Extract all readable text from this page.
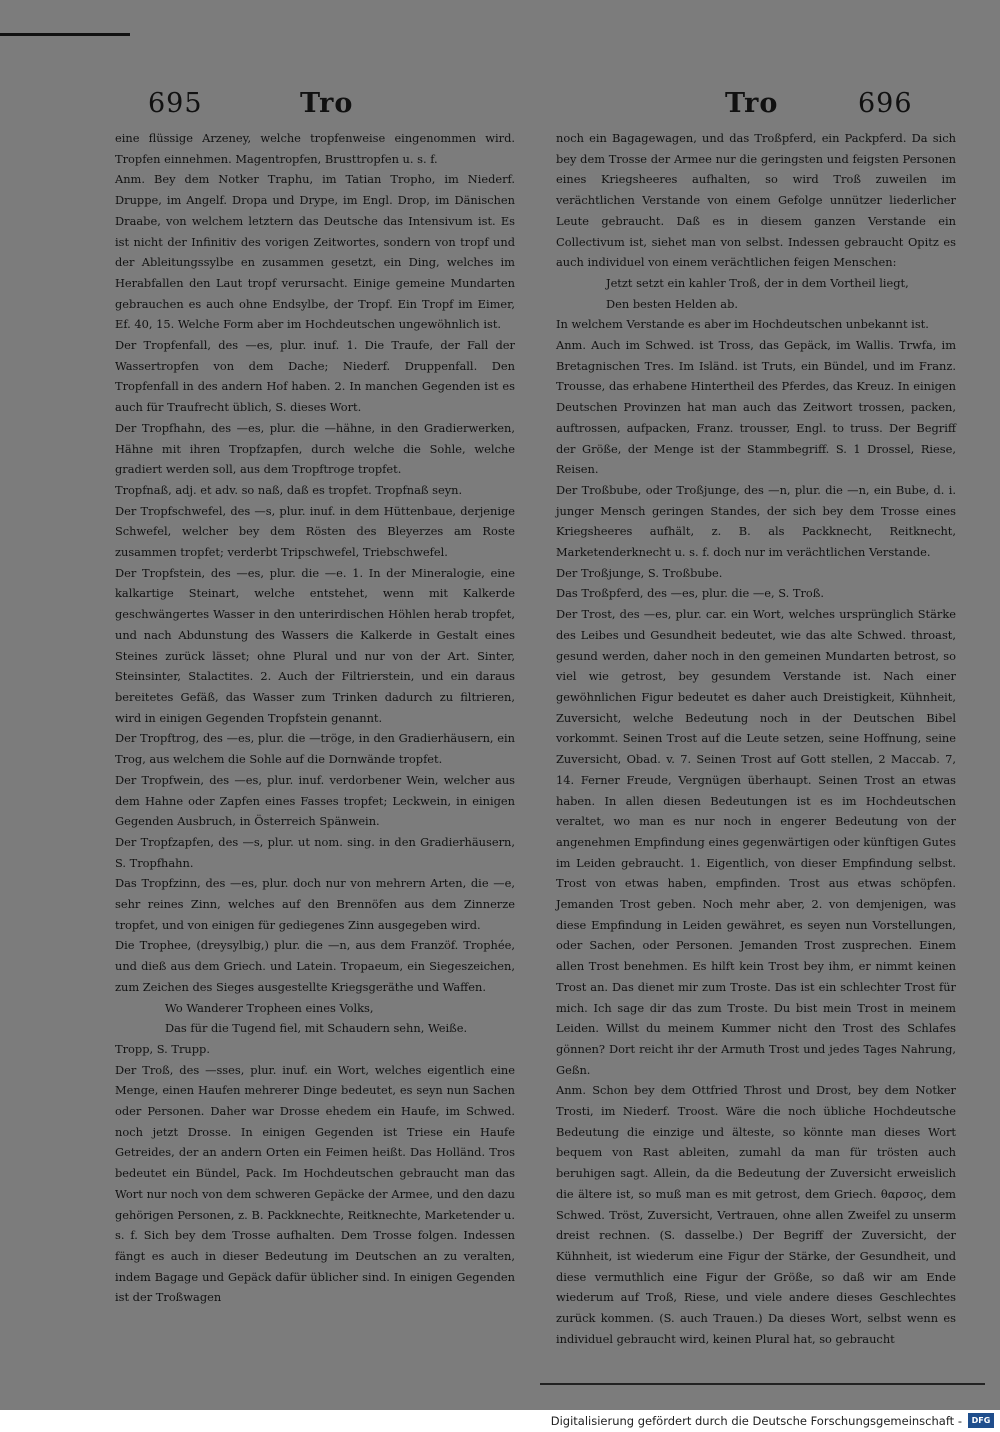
695	Tro	Tro	696
eine flüssige Arzeney, welche tropfenweise eingenommen wird. Tropfen einnehmen. Magentropfen, Brusttropfen u. s. f.
Anm. Bey dem Notker Traphu, im Tatian Tropho, im Niederf. Druppe, im Angelf. Dropa und Drype, im Engl. Drop, im Dänischen Draabe, von welchem letztern das Deutsche das Intensivum ist. Es ist nicht der Infinitiv des vorigen Zeitwortes, sondern von tropf und der Ableitungssylbe en zusammen gesetzt, ein Ding, welches im Herabfallen den Laut tropf verursacht. Einige gemeine Mundarten gebrauchen es auch ohne Endsylbe, der Tropf. Ein Tropf im Eimer, Ef. 40, 15. Welche Form aber im Hochdeutschen ungewöhnlich ist.
Der Tropfenfall, des —es, plur. inuf. 1. Die Traufe, der Fall der Wassertropfen von dem Dache; Niederf. Druppenfall. Den Tropfenfall in des andern Hof haben. 2. In manchen Gegenden ist es auch für Traufrecht üblich, S. dieses Wort.
Der Tropfhahn, des —es, plur. die —hähne, in den Gradierwerken, Hähne mit ihren Tropfzapfen, durch welche die Sohle, welche gradiert werden soll, aus dem Tropftroge tropfet.
Tropfnaß, adj. et adv. so naß, daß es tropfet. Tropfnaß seyn.
Der Tropfschwefel, des —s, plur. inuf. in dem Hüttenbaue, derjenige Schwefel, welcher bey dem Rösten des Bleyerzes am Roste zusammen tropfet; verderbt Tripschwefel, Triebschwefel.
Der Tropfstein, des —es, plur. die —e. 1. In der Mineralogie, eine kalkartige Steinart, welche entstehet, wenn mit Kalkerde geschwängertes Wasser in den unterirdischen Höhlen herab tropfet, und nach Abdunstung des Wassers die Kalkerde in Gestalt eines Steines zurück lässet; ohne Plural und nur von der Art. Sinter, Steinsinter, Stalactites. 2. Auch der Filtrierstein, und ein daraus bereitetes Gefäß, das Wasser zum Trinken dadurch zu filtrieren, wird in einigen Gegenden Tropfstein genannt.
Der Tropftrog, des —es, plur. die —tröge, in den Gradierhäusern, ein Trog, aus welchem die Sohle auf die Dornwände tropfet.
Der Tropfwein, des —es, plur. inuf. verdorbener Wein, welcher aus dem Hahne oder Zapfen eines Fasses tropfet; Leckwein, in einigen Gegenden Ausbruch, in Österreich Spänwein.
Der Tropfzapfen, des —s, plur. ut nom. sing. in den Gradierhäusern, S. Tropfhahn.
Das Tropfzinn, des —es, plur. doch nur von mehrern Arten, die —e, sehr reines Zinn, welches auf den Brennöfen aus dem Zinnerze tropfet, und von einigen für gediegenes Zinn ausgegeben wird.
Die Trophee, (dreysylbig,) plur. die —n, aus dem Franzöf. Trophée, und dieß aus dem Griech. und Latein. Tropaeum, ein Siegeszeichen, zum Zeichen des Sieges ausgestellte Kriegsgeräthe und Waffen.
Wo Wanderer Tropheen eines Volks,
Das für die Tugend fiel, mit Schaudern sehn, Weiße.
Tropp, S. Trupp.
Der Troß, des —sses, plur. inuf. ein Wort, welches eigentlich eine Menge, einen Haufen mehrerer Dinge bedeutet, es seyn nun Sachen oder Personen. Daher war Drosse ehedem ein Haufe, im Schwed. noch jetzt Drosse. In einigen Gegenden ist Triese ein Haufe Getreides, der an andern Orten ein Feimen heißt. Das Holländ. Tros bedeutet ein Bündel, Pack. Im Hochdeutschen gebraucht man das Wort nur noch von dem schweren Gepäcke der Armee, und den dazu gehörigen Personen, z. B. Packknechte, Reitknechte, Marketender u. s. f. Sich bey dem Trosse aufhalten. Dem Trosse folgen. Indessen fängt es auch in dieser Bedeutung im Deutschen an zu veralten, indem Bagage und Gepäck dafür üblicher sind. In einigen Gegenden ist der Troßwagen
noch ein Bagagewagen, und das Troßpferd, ein Packpferd. Da sich bey dem Trosse der Armee nur die geringsten und feigsten Personen eines Kriegsheeres aufhalten, so wird Troß zuweilen im verächtlichen Verstande von einem Gefolge unnützer liederlicher Leute gebraucht. Daß es in diesem ganzen Verstande ein Collectivum ist, siehet man von selbst. Indessen gebraucht Opitz es auch individuel von einem verächtlichen feigen Menschen:
Jetzt setzt ein kahler Troß, der in dem Vortheil liegt,
Den besten Helden ab.
In welchem Verstande es aber im Hochdeutschen unbekannt ist.
Anm. Auch im Schwed. ist Tross, das Gepäck, im Wallis. Trwfa, im Bretagnischen Tres. Im Isländ. ist Truts, ein Bündel, und im Franz. Trousse, das erhabene Hintertheil des Pferdes, das Kreuz. In einigen Deutschen Provinzen hat man auch das Zeitwort trossen, packen, auftrossen, aufpacken, Franz. trousser, Engl. to truss. Der Begriff der Größe, der Menge ist der Stammbegriff. S. 1 Drossel, Riese, Reisen.
Der Troßbube, oder Troßjunge, des —n, plur. die —n, ein Bube, d. i. junger Mensch geringen Standes, der sich bey dem Trosse eines Kriegsheeres aufhält, z. B. als Packknecht, Reitknecht, Marketenderknecht u. s. f. doch nur im verächtlichen Verstande.
Der Troßjunge, S. Troßbube.
Das Troßpferd, des —es, plur. die —e, S. Troß.
Der Trost, des —es, plur. car. ein Wort, welches ursprünglich Stärke des Leibes und Gesundheit bedeutet, wie das alte Schwed. throast, gesund werden, daher noch in den gemeinen Mundarten betrost, so viel wie getrost, bey gesundem Verstande ist. Nach einer gewöhnlichen Figur bedeutet es daher auch Dreistigkeit, Kühnheit, Zuversicht, welche Bedeutung noch in der Deutschen Bibel vorkommt. Seinen Trost auf die Leute setzen, seine Hoffnung, seine Zuversicht, Obad. v. 7. Seinen Trost auf Gott stellen, 2 Maccab. 7, 14. Ferner Freude, Vergnügen überhaupt. Seinen Trost an etwas haben. In allen diesen Bedeutungen ist es im Hochdeutschen veraltet, wo man es nur noch in engerer Bedeutung von der angenehmen Empfindung eines gegenwärtigen oder künftigen Gutes im Leiden gebraucht. 1. Eigentlich, von dieser Empfindung selbst. Trost von etwas haben, empfinden. Trost aus etwas schöpfen. Jemanden Trost geben. Noch mehr aber, 2. von demjenigen, was diese Empfindung in Leiden gewähret, es seyen nun Vorstellungen, oder Sachen, oder Personen. Jemanden Trost zusprechen. Einem allen Trost benehmen. Es hilft kein Trost bey ihm, er nimmt keinen Trost an. Das dienet mir zum Troste. Das ist ein schlechter Trost für mich. Ich sage dir das zum Troste. Du bist mein Trost in meinem Leiden. Willst du meinem Kummer nicht den Trost des Schlafes gönnen? Dort reicht ihr der Armuth Trost und jedes Tages Nahrung, Geßn.
Anm. Schon bey dem Ottfried Throst und Drost, bey dem Notker Trosti, im Niederf. Troost. Wäre die noch übliche Hochdeutsche Bedeutung die einzige und älteste, so könnte man dieses Wort bequem von Rast ableiten, zumahl da man für trösten auch beruhigen sagt. Allein, da die Bedeutung der Zuversicht erweislich die ältere ist, so muß man es mit getrost, dem Griech. θαρσος, dem Schwed. Tröst, Zuversicht, Vertrauen, ohne allen Zweifel zu unserm dreist rechnen. (S. dasselbe.) Der Begriff der Zuversicht, der Kühnheit, ist wiederum eine Figur der Stärke, der Gesundheit, und diese vermuthlich eine Figur der Größe, so daß wir am Ende wiederum auf Troß, Riese, und viele andere dieses Geschlechtes zurück kommen. (S. auch Trauen.) Da dieses Wort, selbst wenn es individuel gebraucht wird, keinen Plural hat, so gebraucht
Digitalisierung gefördert durch die Deutsche Forschungsgemeinschaft -	DFG
